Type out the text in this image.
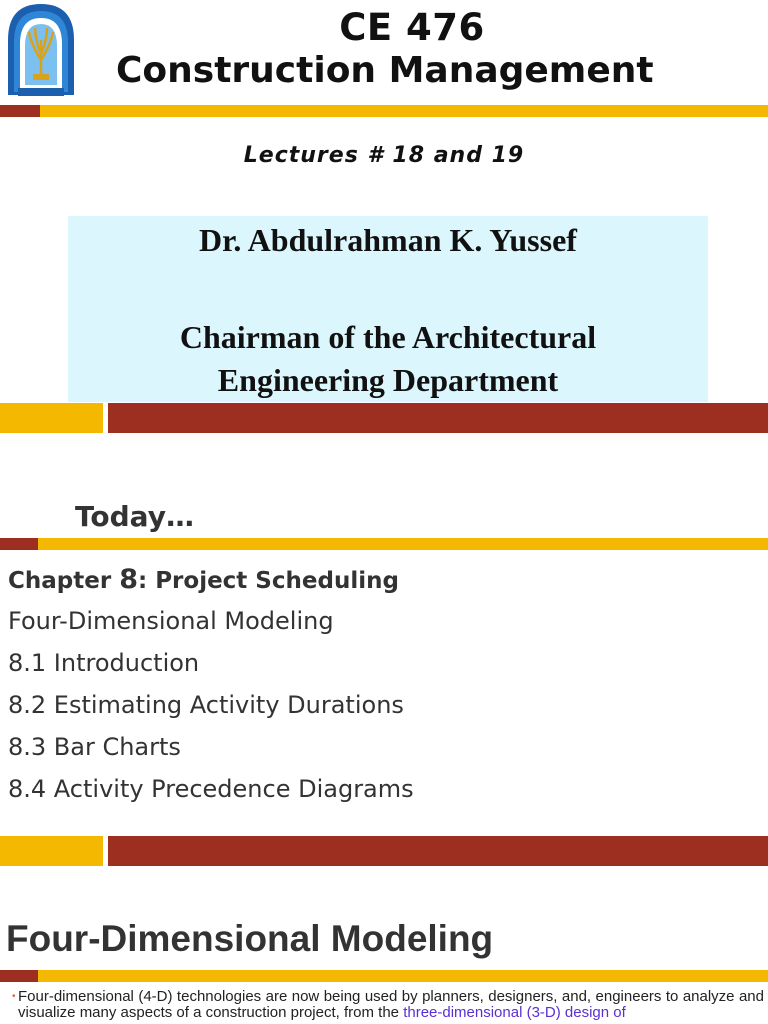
CE 476
Construction Management
Lectures # 18 and 19
Dr. Abdulrahman K. Yussef
Chairman of the Architectural
Engineering Department
Today…
Chapter 8: Project Scheduling
Four-Dimensional Modeling
8.1 Introduction
8.2 Estimating Activity Durations
8.3 Bar Charts
8.4 Activity Precedence Diagrams
Four-Dimensional Modeling
• Four-dimensional (4-D) technologies are now being used by planners, designers, and, engineers to analyze and visualize many aspects of a construction project, from the three-dimensional (3-D) design of
